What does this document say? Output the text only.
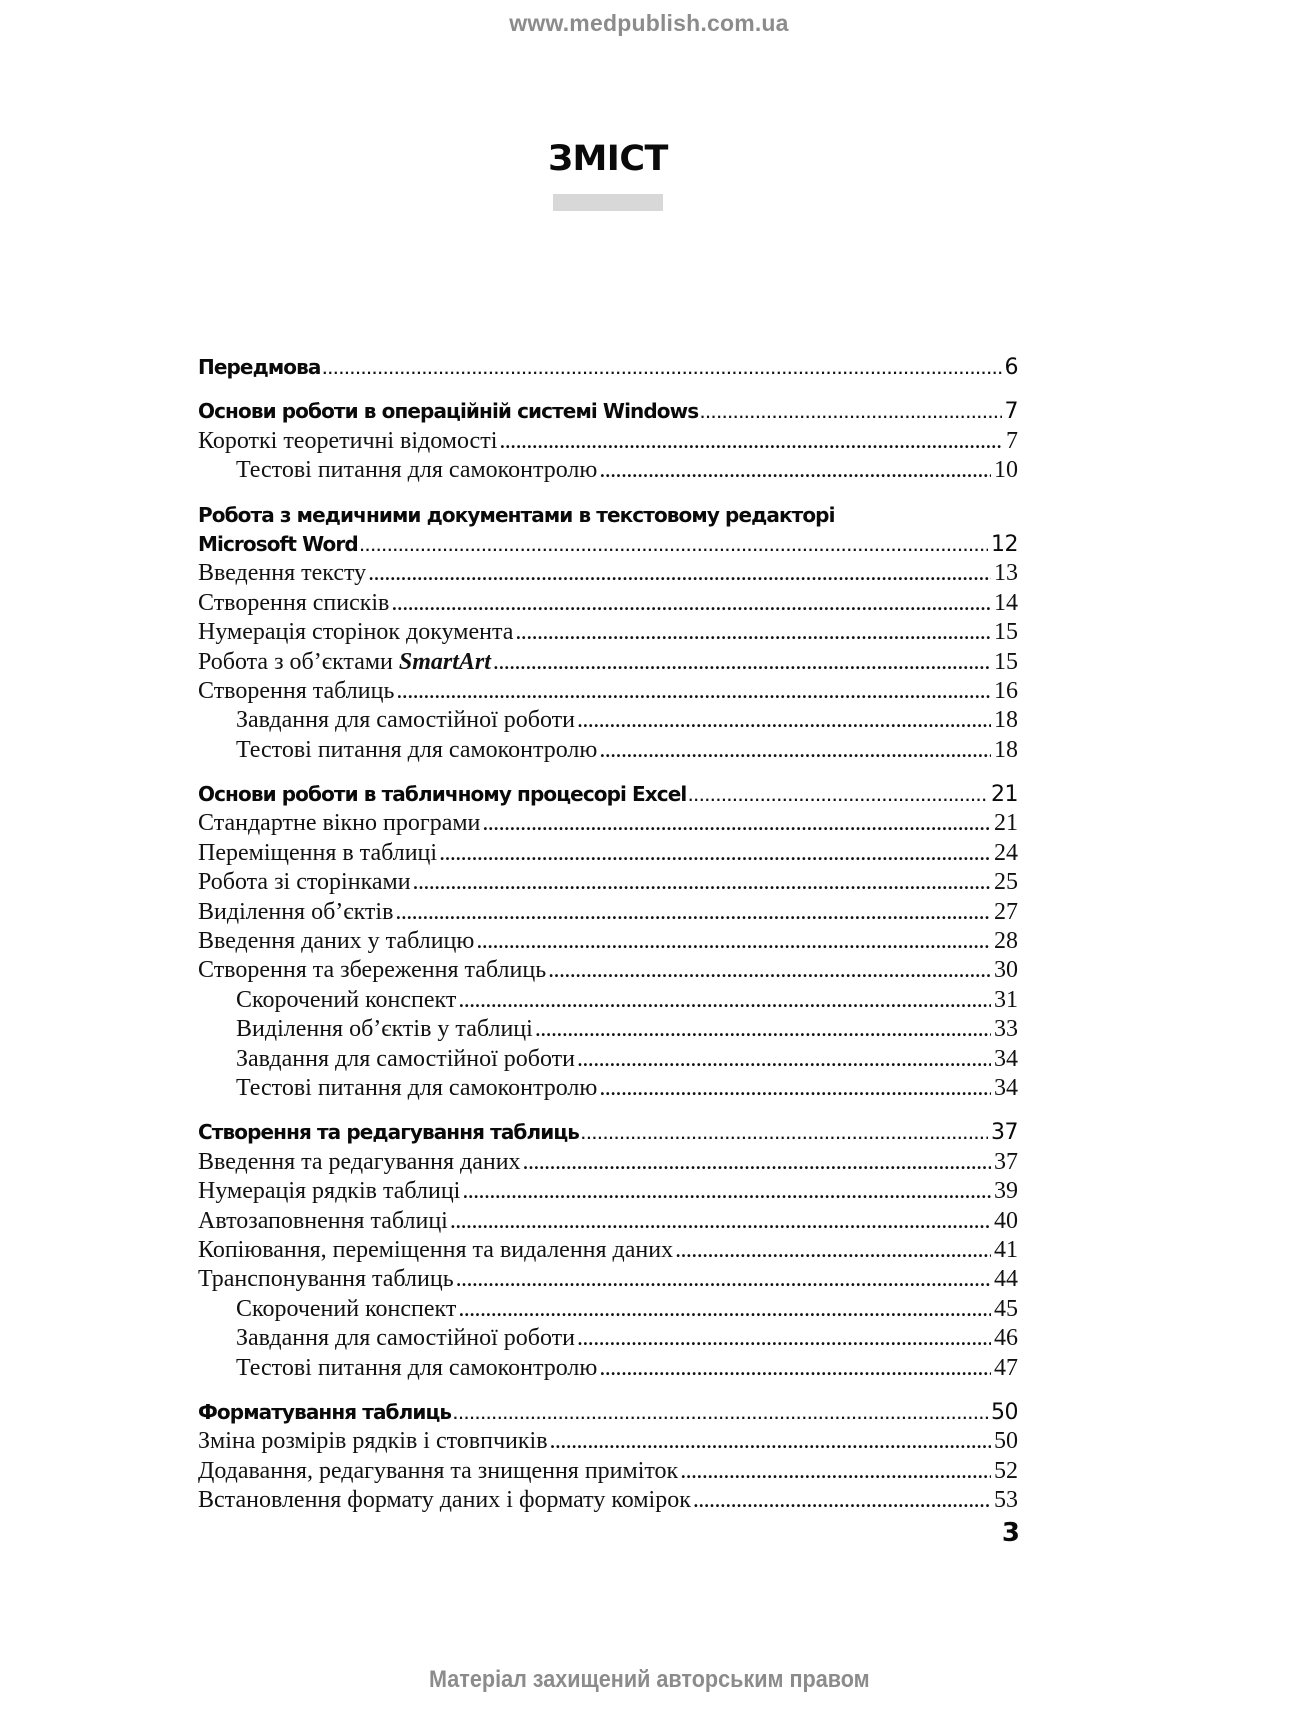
www.medpublish.com.ua
ЗМІСТ
Передмова . . .	6
Основи роботи в операційній системі Windows . . .	7
Короткі теоретичні відомості . . .	7
Тестові питання для самоконтролю . . .	10
Робота з медичними документами в текстовому редакторі
Microsoft Word . . .	12
Введення тексту . . .	13
Створення списків . . .	14
Нумерація сторінок документа . . .	15
Робота з об’єктами SmartArt . . .	15
Створення таблиць . . .	16
Завдання для самостійної роботи . . .	18
Тестові питання для самоконтролю . . .	18
Основи роботи в табличному процесорі Excel . . .	21
Стандартне вікно програми . . .	21
Переміщення в таблиці . . .	24
Робота зі сторінками . . .	25
Виділення об’єктів . . .	27
Введення даних у таблицю . . .	28
Створення та збереження таблиць . . .	30
Скорочений конспект . . .	31
Виділення об’єктів у таблиці . . .	33
Завдання для самостійної роботи . . .	34
Тестові питання для самоконтролю . . .	34
Створення та редагування таблиць . . .	37
Введення та редагування даних . . .	37
Нумерація рядків таблиці . . .	39
Автозаповнення таблиці . . .	40
Копіювання, переміщення та видалення даних . . .	41
Транспонування таблиць . . .	44
Скорочений конспект . . .	45
Завдання для самостійної роботи . . .	46
Тестові питання для самоконтролю . . .	47
Форматування таблиць . . .	50
Зміна розмірів рядків і стовпчиків . . .	50
Додавання, редагування та знищення приміток . . .	52
Встановлення формату даних і формату комірок . . .	53
3
Матеріал захищений авторським правом
